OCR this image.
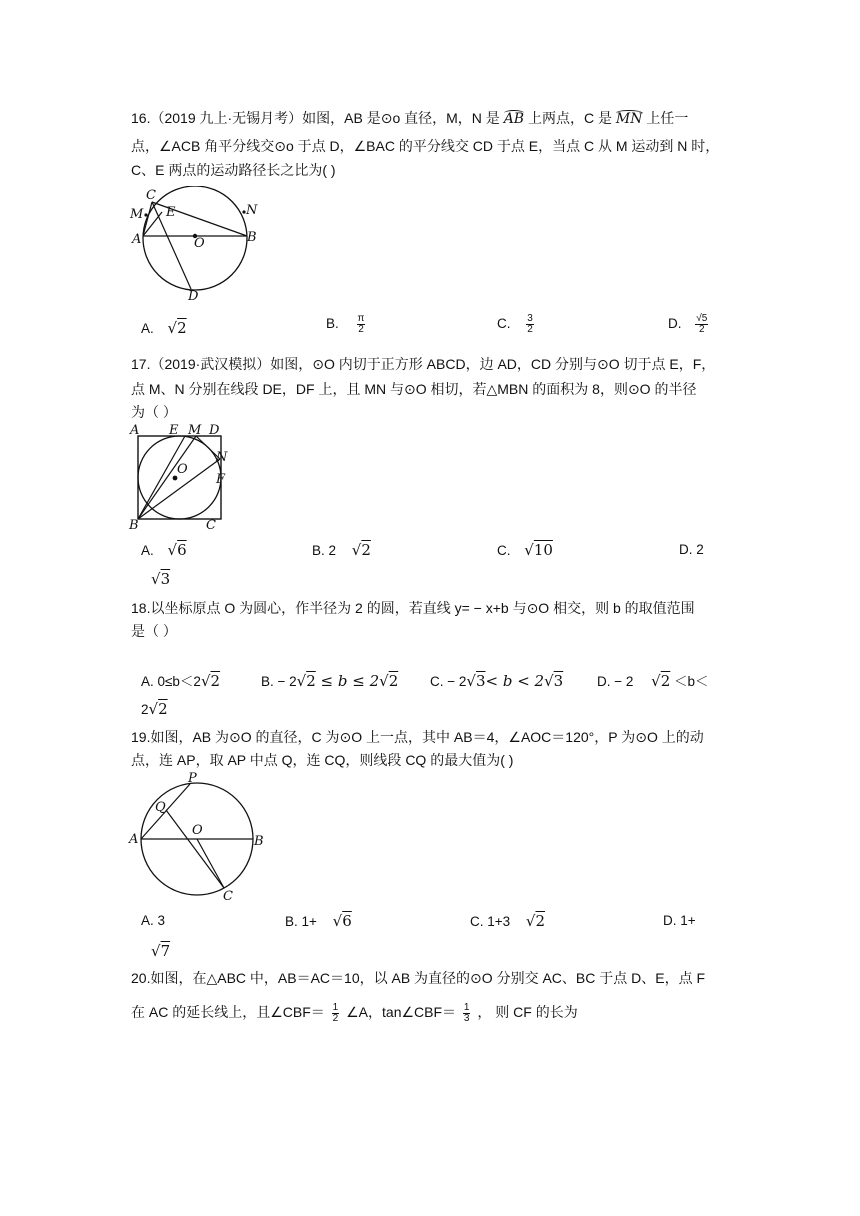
16.（2019 九上·无锡月考）如图，AB 是⊙o 直径，M，N 是 AB 上两点，C 是 MN 上任一
点，∠ACB 角平分线交⊙o 于点 D，∠BAC 的平分线交 CD 于点 E，当点 C 从 M 运动到 N 时，
C、E 两点的运动路径长之比为( )
C
M E
A	O	B
N
D
A. √2	B. $\frac{\pi}{2}$	C. $\frac{3}{2}$	D. $\frac{√5}{2}$
17.（2019·武汉模拟）如图，⊙O 内切于正方形 ABCD，边 AD，CD 分别与⊙O 切于点 E，F，
点 M、N 分别在线段 DE，DF 上，且 MN 与⊙O 相切，若△MBN 的面积为 8，则⊙O 的半径
为（ ）
A E M D
N
O
F
B	C
A. √6	B. 2 √2	C. √10	D. 2
√3
18.以坐标原点 O 为圆心，作半径为 2 的圆，若直线 y= − x+b 与⊙O 相交，则 b 的取值范围
是（ ）
A. 0≤b＜2√2	B. − 2√2 ≤ b ≤ 2√2 C. − 2√3< b < 2√3	D. − 2 √2 ＜b＜
2√2
19.如图，AB 为⊙O 的直径，C 为⊙O 上一点，其中 AB＝4，∠AOC＝120°，P 为⊙O 上的动
点，连 AP，取 AP 中点 Q，连 CQ，则线段 CQ 的最大值为( )
P
Q
O
A	B
C
A. 3	B. 1+ √6	C. 1+3 √2	D. 1+
√7
20.如图，在△ABC 中，AB＝AC＝10，以 AB 为直径的⊙O 分别交 AC、BC 于点 D、E，点 F
在 AC 的延长线上，且∠CBF＝ $\frac{1}{2}$ ∠A，tan∠CBF＝ $\frac{1}{3}$ ， 则 CF 的长为
